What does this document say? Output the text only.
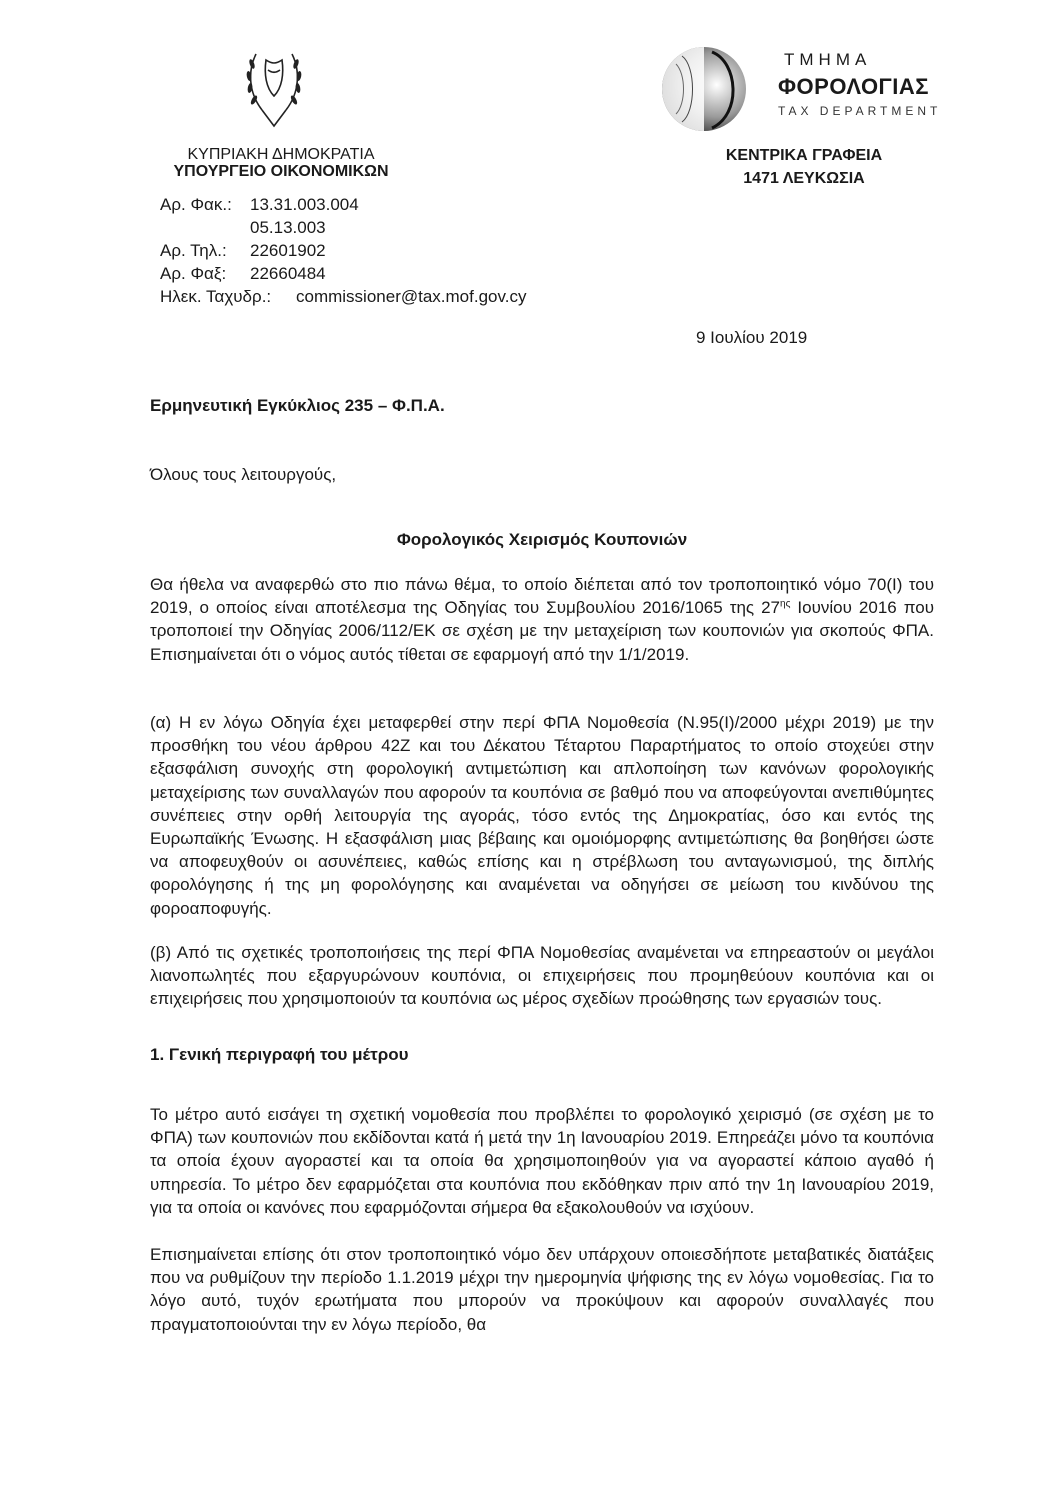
ΤΜΗΜΑ
ΦΟΡΟΛΟΓΙΑΣ
TAX DEPARTMENT
ΚΥΠΡΙΑΚΗ ΔΗΜΟΚΡΑΤΙΑ
ΥΠΟΥΡΓΕΙΟ ΟΙΚΟΝΟΜΙΚΩΝ
ΚΕΝΤΡΙΚΑ ΓΡΑΦΕΙΑ
1471 ΛΕΥΚΩΣΙΑ
Αρ. Φακ.: 13.31.003.004
05.13.003
Αρ. Τηλ.: 22601902
Αρ. Φαξ: 22660484
Ηλεκ. Ταχυδρ.: commissioner@tax.mof.gov.cy
9 Ιουλίου 2019
Ερμηνευτική Εγκύκλιος 235 – Φ.Π.Α.
Όλους τους λειτουργούς,
Φορολογικός Χειρισμός Κουπονιών
Θα ήθελα να αναφερθώ στο πιο πάνω θέμα, το οποίο διέπεται από τον τροποποιητικό νόμο 70(Ι) του 2019, ο οποίος είναι αποτέλεσμα της Οδηγίας του Συμβουλίου 2016/1065 της $27^{\eta\varsigma}$ Ιουνίου 2016 που τροποποιεί την Οδηγίας 2006/112/ΕΚ σε σχέση με την μεταχείριση των κουπονιών για σκοπούς ΦΠΑ. Επισημαίνεται ότι ο νόμος αυτός τίθεται σε εφαρμογή από την 1/1/2019.
(α) Η εν λόγω Οδηγία έχει μεταφερθεί στην περί ΦΠΑ Νομοθεσία (Ν.95(Ι)/2000 μέχρι 2019) με την προσθήκη του νέου άρθρου 42Ζ και του Δέκατου Τέταρτου Παραρτήματος το οποίο στοχεύει στην εξασφάλιση συνοχής στη φορολογική αντιμετώπιση και απλοποίηση των κανόνων φορολογικής μεταχείρισης των συναλλαγών που αφορούν τα κουπόνια σε βαθμό που να αποφεύγονται ανεπιθύμητες συνέπειες στην ορθή λειτουργία της αγοράς, τόσο εντός της Δημοκρατίας, όσο και εντός της Ευρωπαϊκής Ένωσης. Η εξασφάλιση μιας βέβαιης και ομοιόμορφης αντιμετώπισης θα βοηθήσει ώστε να αποφευχθούν οι ασυνέπειες, καθώς επίσης και η στρέβλωση του ανταγωνισμού, της διπλής φορολόγησης ή της μη φορολόγησης και αναμένεται να οδηγήσει σε μείωση του κινδύνου της φοροαποφυγής.
(β) Από τις σχετικές τροποποιήσεις της περί ΦΠΑ Νομοθεσίας αναμένεται να επηρεαστούν οι μεγάλοι λιανοπωλητές που εξαργυρώνουν κουπόνια, οι επιχειρήσεις που προμηθεύουν κουπόνια και οι επιχειρήσεις που χρησιμοποιούν τα κουπόνια ως μέρος σχεδίων προώθησης των εργασιών τους.
1. Γενική περιγραφή του μέτρου
Το μέτρο αυτό εισάγει τη σχετική νομοθεσία που προβλέπει το φορολογικό χειρισμό (σε σχέση με το ΦΠΑ) των κουπονιών που εκδίδονται κατά ή μετά την 1η Ιανουαρίου 2019. Επηρεάζει μόνο τα κουπόνια τα οποία έχουν αγοραστεί και τα οποία θα χρησιμοποιηθούν για να αγοραστεί κάποιο αγαθό ή υπηρεσία. Το μέτρο δεν εφαρμόζεται στα κουπόνια που εκδόθηκαν πριν από την 1η Ιανουαρίου 2019, για τα οποία οι κανόνες που εφαρμόζονται σήμερα θα εξακολουθούν να ισχύουν.
Επισημαίνεται επίσης ότι στον τροποποιητικό νόμο δεν υπάρχουν οποιεσδήποτε μεταβατικές διατάξεις που να ρυθμίζουν την περίοδο 1.1.2019 μέχρι την ημερομηνία ψήφισης της εν λόγω νομοθεσίας. Για το λόγο αυτό, τυχόν ερωτήματα που μπορούν να προκύψουν και αφορούν συναλλαγές που πραγματοποιούνται την εν λόγω περίοδο, θα
